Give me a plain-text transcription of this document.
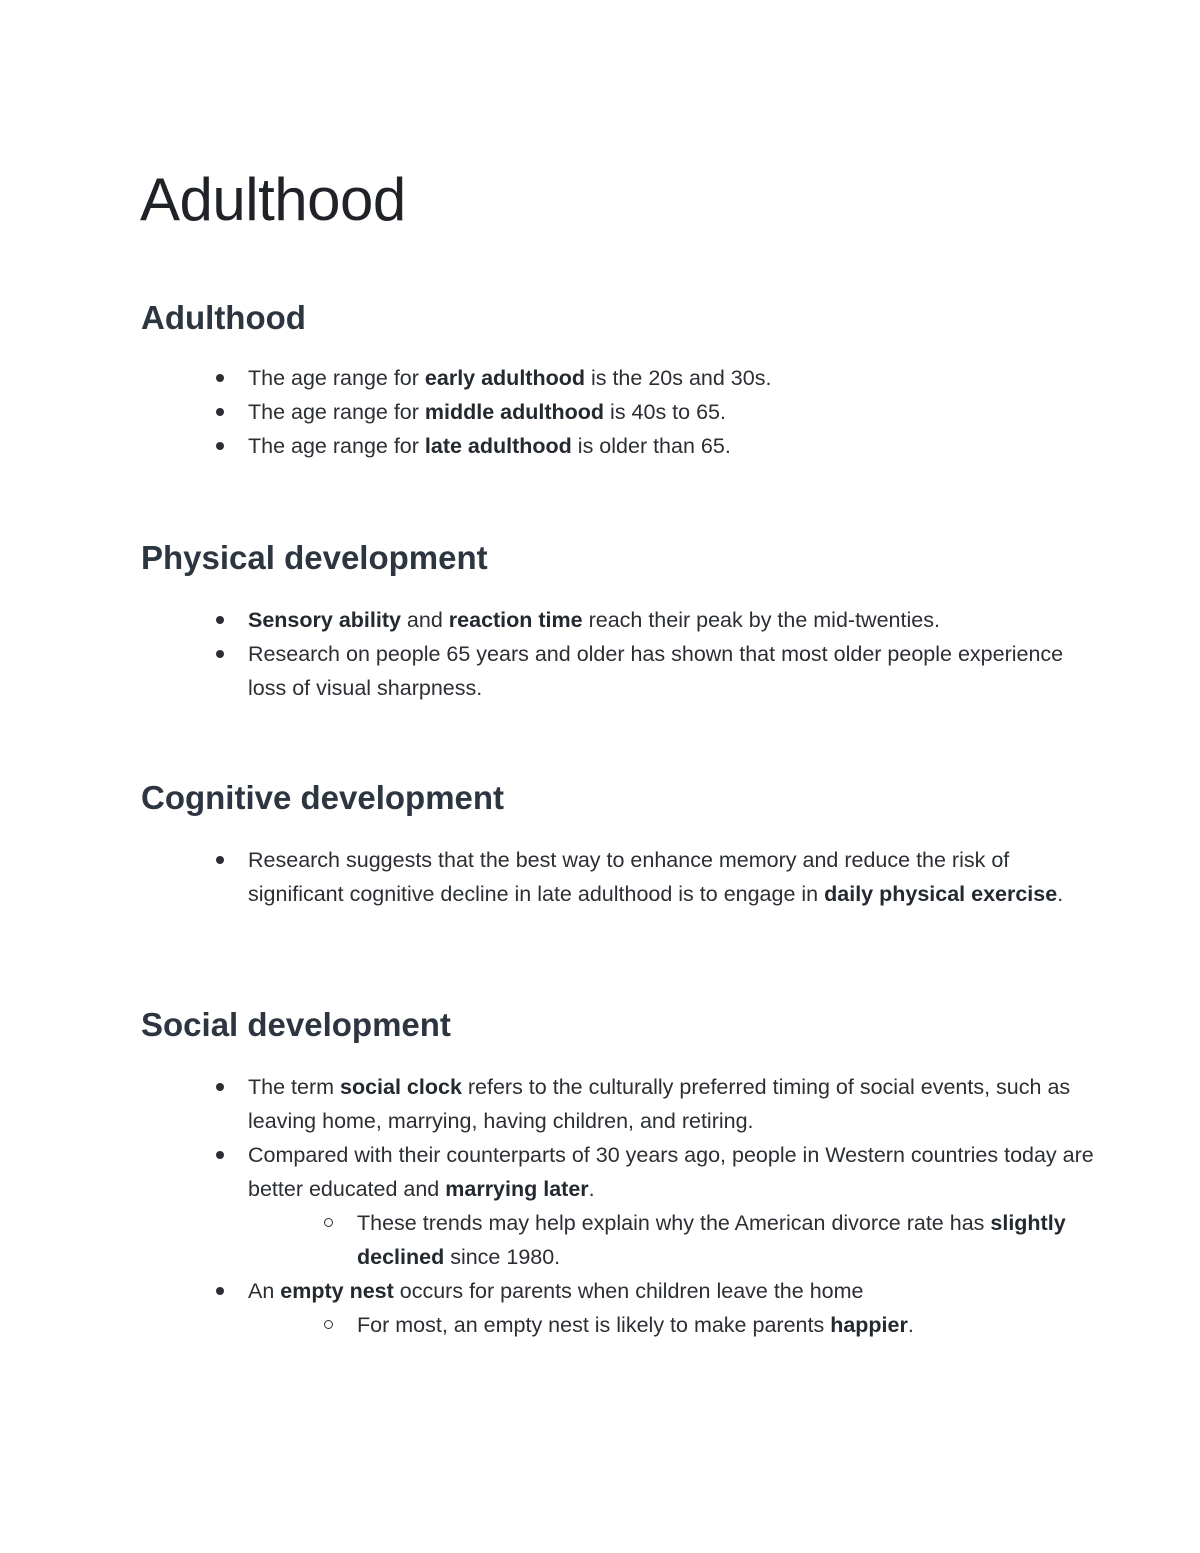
Adulthood
Adulthood
The age range for early adulthood is the 20s and 30s.
The age range for middle adulthood is 40s to 65.
The age range for late adulthood is older than 65.
Physical development
Sensory ability and reaction time reach their peak by the mid-twenties.
Research on people 65 years and older has shown that most older people experience loss of visual sharpness.
Cognitive development
Research suggests that the best way to enhance memory and reduce the risk of significant cognitive decline in late adulthood is to engage in daily physical exercise.
Social development
The term social clock refers to the culturally preferred timing of social events, such as leaving home, marrying, having children, and retiring.
Compared with their counterparts of 30 years ago, people in Western countries today are better educated and marrying later.
These trends may help explain why the American divorce rate has slightly declined since 1980.
An empty nest occurs for parents when children leave the home
For most, an empty nest is likely to make parents happier.
